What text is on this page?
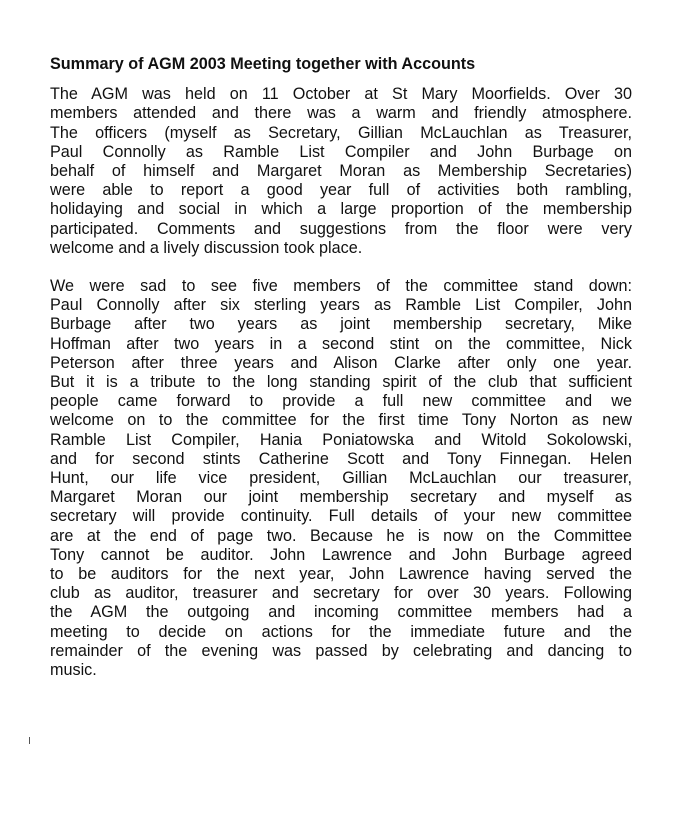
Summary of AGM 2003 Meeting together with Accounts
The AGM was held on 11 October at St Mary Moorfields. Over 30
members attended and there was a warm and friendly atmosphere.
The officers (myself as Secretary, Gillian McLauchlan as Treasurer,
Paul Connolly as Ramble List Compiler and John Burbage on
behalf of himself and Margaret Moran as Membership Secretaries)
were able to report a good year full of activities both rambling,
holidaying and social in which a large proportion of the membership
participated. Comments and suggestions from the floor were very
welcome and a lively discussion took place.
We were sad to see five members of the committee stand down:
Paul Connolly after six sterling years as Ramble List Compiler, John
Burbage after two years as joint membership secretary, Mike
Hoffman after two years in a second stint on the committee, Nick
Peterson after three years and Alison Clarke after only one year.
But it is a tribute to the long standing spirit of the club that sufficient
people came forward to provide a full new committee and we
welcome on to the committee for the first time Tony Norton as new
Ramble List Compiler, Hania Poniatowska and Witold Sokolowski,
and for second stints Catherine Scott and Tony Finnegan. Helen
Hunt, our life vice president, Gillian McLauchlan our treasurer,
Margaret Moran our joint membership secretary and myself as
secretary will provide continuity. Full details of your new committee
are at the end of page two. Because he is now on the Committee
Tony cannot be auditor. John Lawrence and John Burbage agreed
to be auditors for the next year, John Lawrence having served the
club as auditor, treasurer and secretary for over 30 years. Following
the AGM the outgoing and incoming committee members had a
meeting to decide on actions for the immediate future and the
remainder of the evening was passed by celebrating and dancing to
music.
